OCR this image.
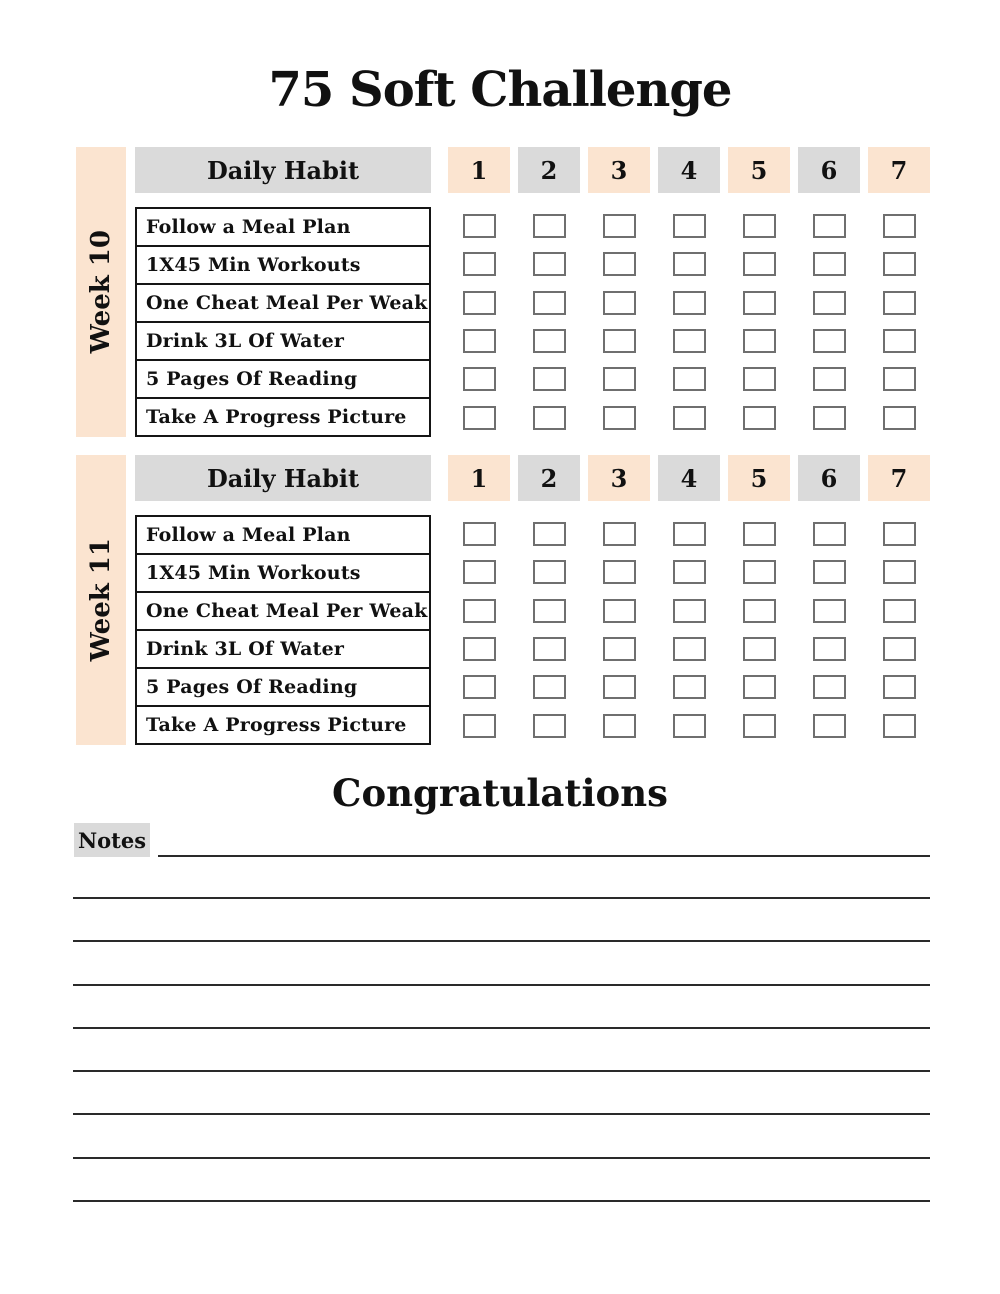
75 Soft Challenge
Week 10
Daily Habit	1	2	3	4	5	6	7
Follow a Meal Plan
1X45 Min Workouts
One Cheat Meal Per Weak
Drink 3L Of Water
5 Pages Of Reading
Take A Progress Picture
Week 11
Daily Habit	1	2	3	4	5	6	7
Follow a Meal Plan
1X45 Min Workouts
One Cheat Meal Per Weak
Drink 3L Of Water
5 Pages Of Reading
Take A Progress Picture
Congratulations
Notes
